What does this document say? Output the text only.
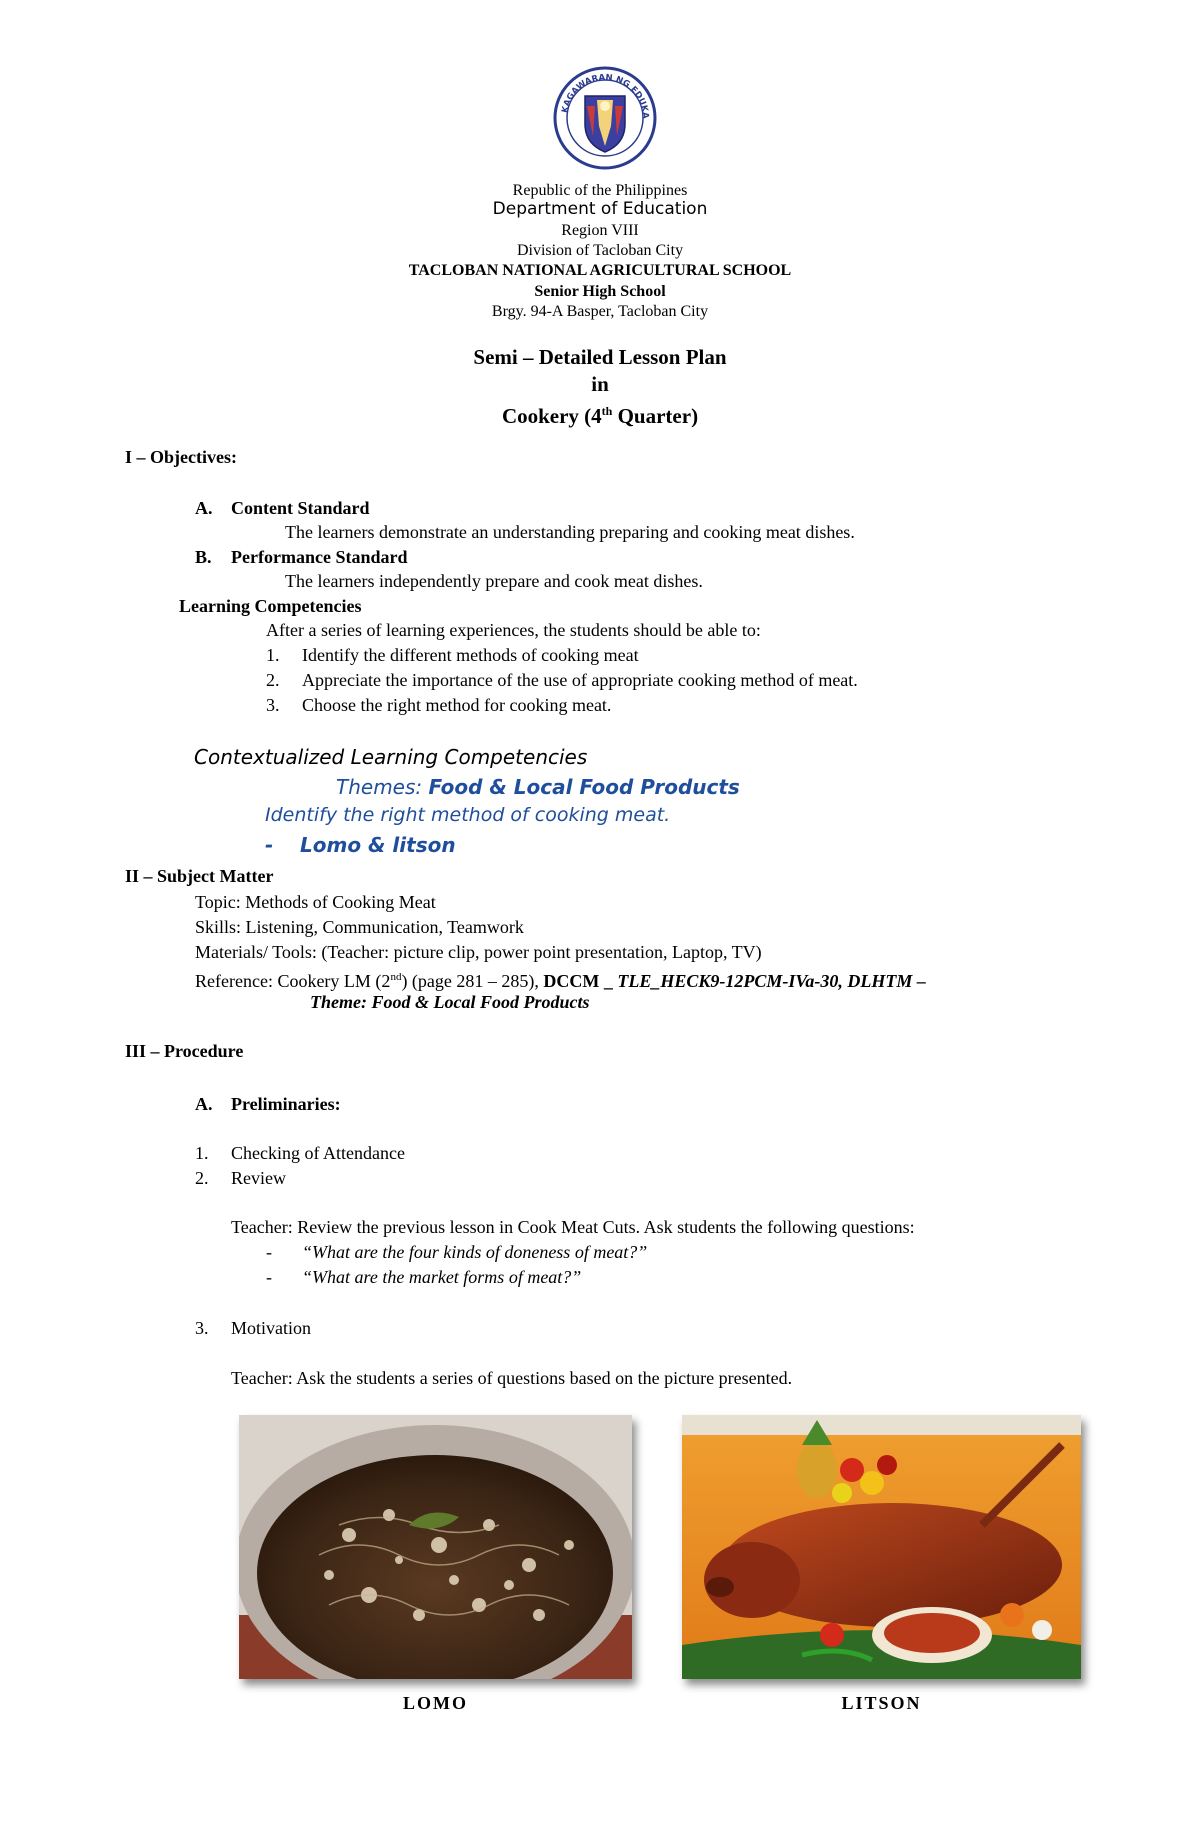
KAGAWARAN NG EDUKA
Republic of the Philippines
Department of Education
Region VIII
Division of Tacloban City
TACLOBAN NATIONAL AGRICULTURAL SCHOOL
Senior High School
Brgy. 94-A Basper, Tacloban City
Semi – Detailed Lesson Plan
in
Cookery (4th Quarter)
I – Objectives:
A. Content Standard
The learners demonstrate an understanding preparing and cooking meat dishes.
B. Performance Standard
The learners independently prepare and cook meat dishes.
Learning Competencies
After a series of learning experiences, the students should be able to:
1. Identify the different methods of cooking meat
2. Appreciate the importance of the use of appropriate cooking method of meat.
3. Choose the right method for cooking meat.
Contextualized Learning Competencies
Themes: Food & Local Food Products
Identify the right method of cooking meat.
- Lomo & litson
II – Subject Matter
Topic: Methods of Cooking Meat
Skills: Listening, Communication, Teamwork
Materials/ Tools: (Teacher: picture clip, power point presentation, Laptop, TV)
Reference: Cookery LM (2nd) (page 281 – 285), DCCM _ TLE_HECK9-12PCM-IVa-30, DLHTM –
Theme: Food & Local Food Products
III – Procedure
A. Preliminaries:
1. Checking of Attendance
2. Review
Teacher: Review the previous lesson in Cook Meat Cuts. Ask students the following questions:
- “What are the four kinds of doneness of meat?”
- “What are the market forms of meat?”
3. Motivation
Teacher: Ask the students a series of questions based on the picture presented.
LOMO	LITSON
